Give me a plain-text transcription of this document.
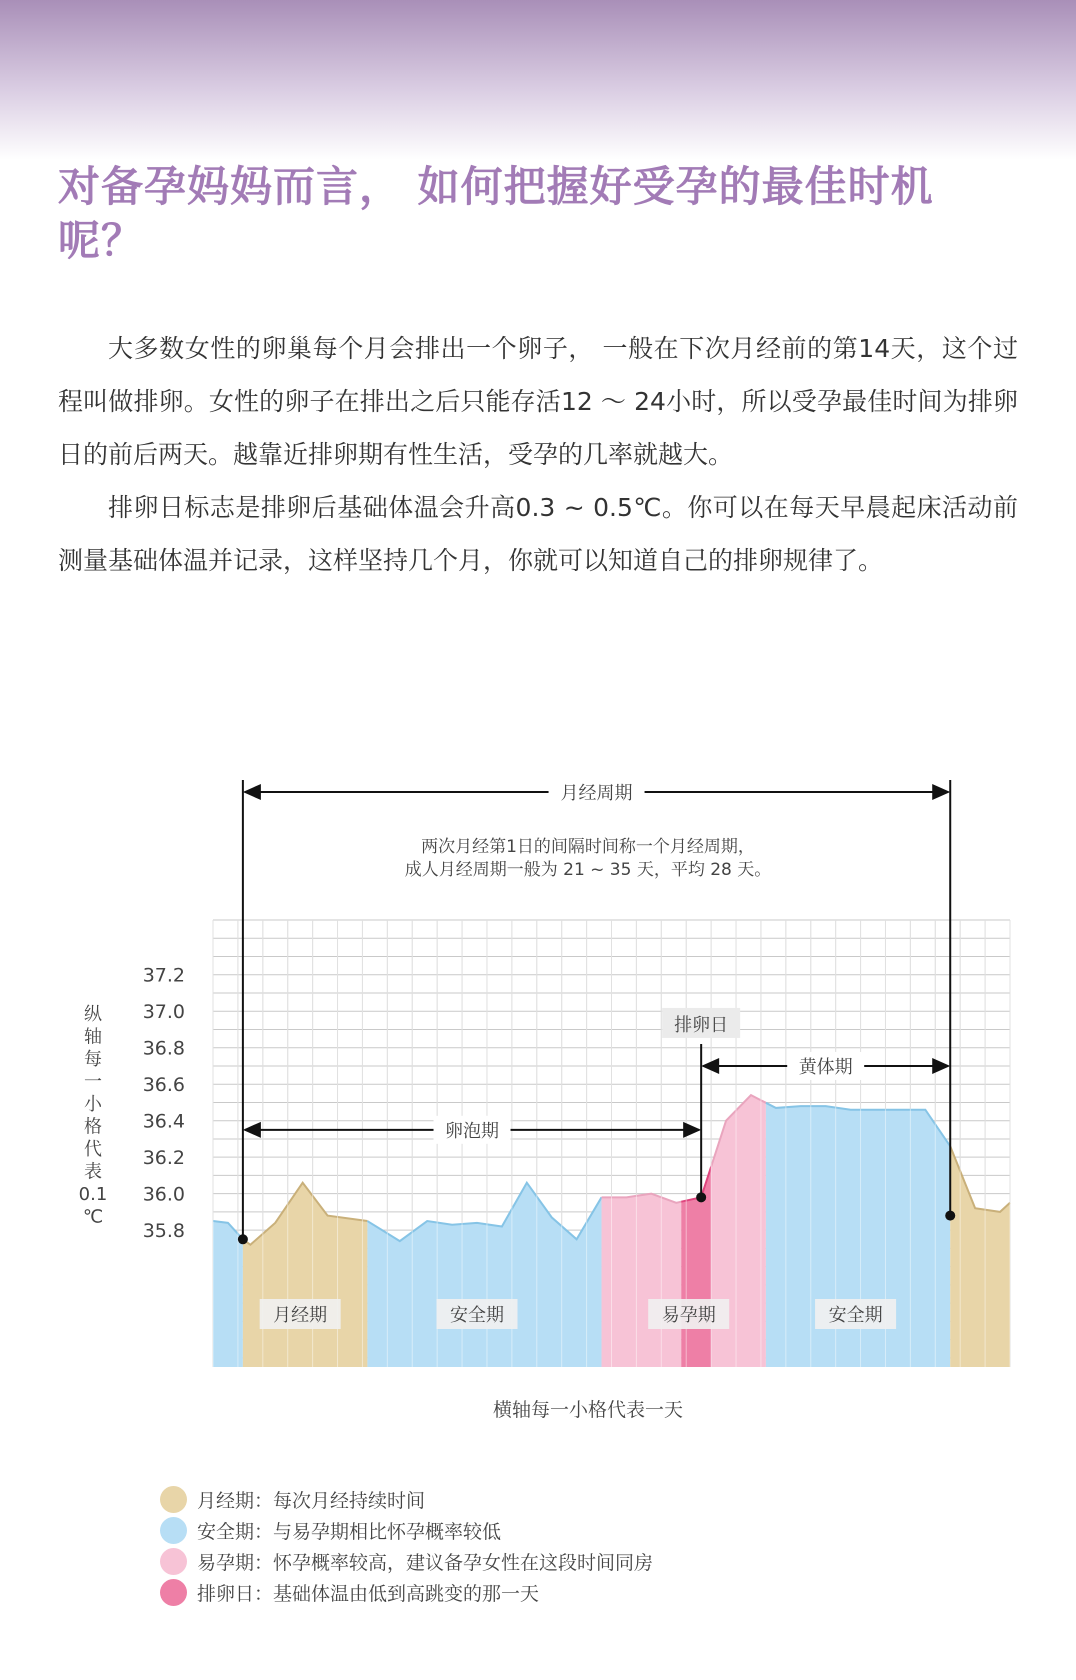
对备孕妈妈而言， 如何把握好受孕的最佳时机呢？

大多数女性的卵巢每个月会排出一个卵子， 一般在下次月经前的第14天，这个过程叫做排卵。女性的卵子在排出之后只能存活12 ～ 24小时，所以受孕最佳时间为排卵日的前后两天。越靠近排卵期有性生活，受孕的几率就越大。

排卵日标志是排卵后基础体温会升高0.3 ~ 0.5℃。你可以在每天早晨起床活动前测量基础体温并记录，这样坚持几个月，你就可以知道自己的排卵规律了。

35.8
36.0
36.2
36.4
36.6
36.8
37.0
37.2
纵
轴
每
一
小
格
代
表
0.1
℃
横轴每一小格代表一天
月经周期
两次月经第1日的间隔时间称一个月经周期，
成人月经周期一般为 21 ~ 35 天，平均 28 天。
卵泡期
黄体期
排卵日
月经期	安全期	易孕期	安全期
月经期：每次月经持续时间
安全期：与易孕期相比怀孕概率较低
易孕期：怀孕概率较高，建议备孕女性在这段时间同房
排卵日：基础体温由低到高跳变的那一天
